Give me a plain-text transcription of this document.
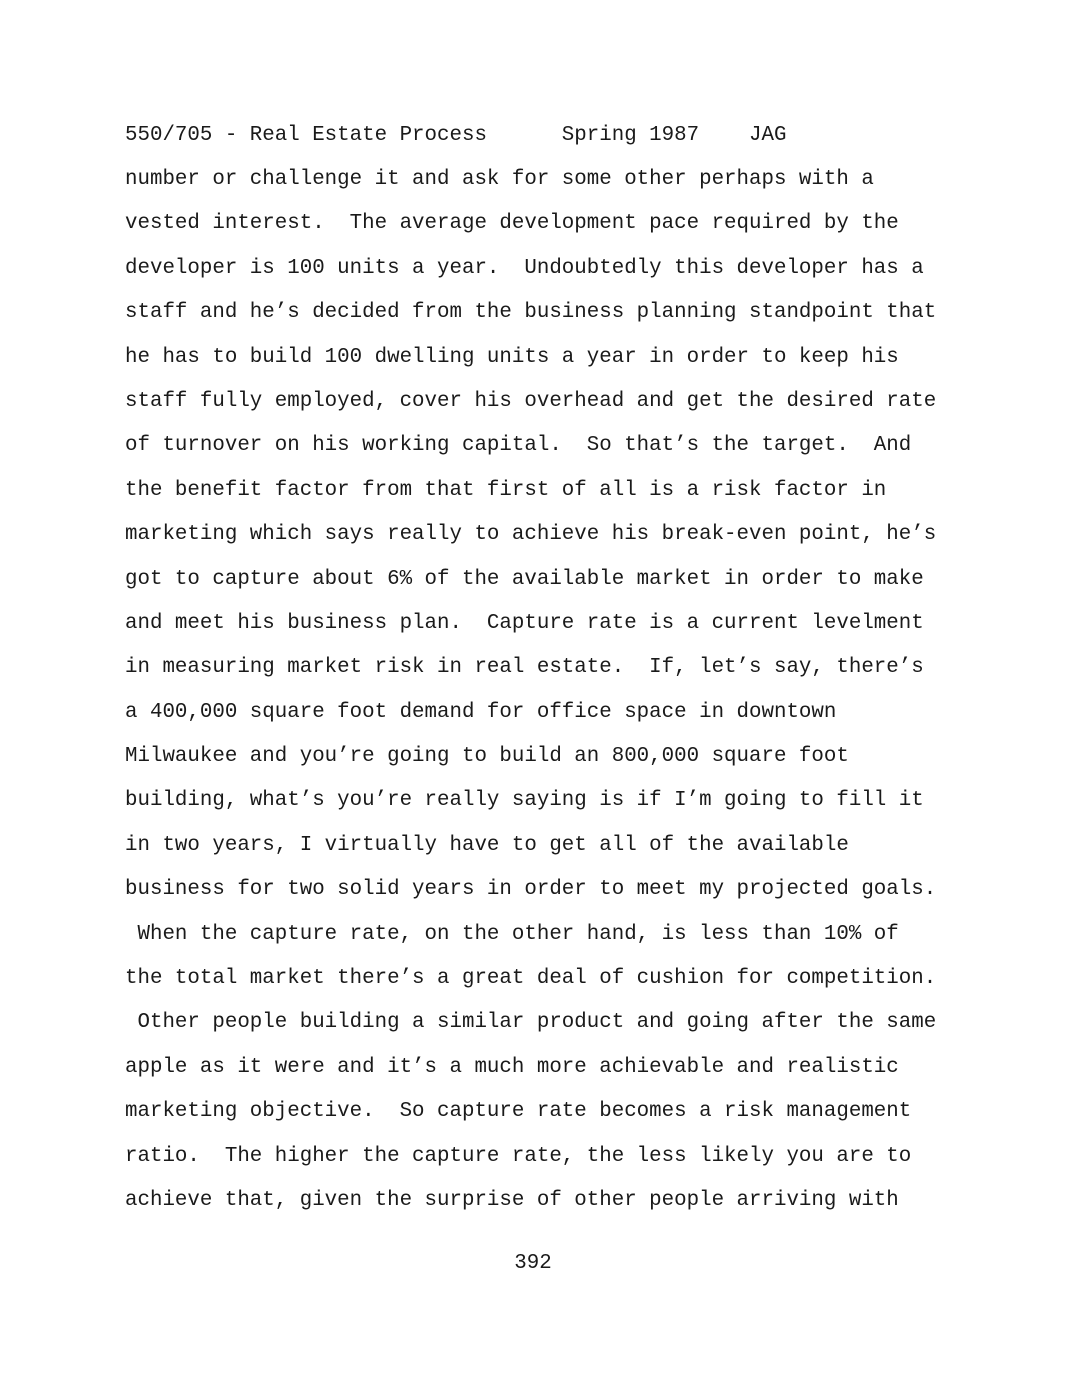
550/705 - Real Estate Process      Spring 1987    JAG
number or challenge it and ask for some other perhaps with a
vested interest.  The average development pace required by the
developer is 100 units a year.  Undoubtedly this developer has a
staff and he’s decided from the business planning standpoint that
he has to build 100 dwelling units a year in order to keep his
staff fully employed, cover his overhead and get the desired rate
of turnover on his working capital.  So that’s the target.  And
the benefit factor from that first of all is a risk factor in
marketing which says really to achieve his break-even point, he’s
got to capture about 6% of the available market in order to make
and meet his business plan.  Capture rate is a current levelment
in measuring market risk in real estate.  If, let’s say, there’s
a 400,000 square foot demand for office space in downtown
Milwaukee and you’re going to build an 800,000 square foot
building, what’s you’re really saying is if I’m going to fill it
in two years, I virtually have to get all of the available
business for two solid years in order to meet my projected goals.
When the capture rate, on the other hand, is less than 10% of
the total market there’s a great deal of cushion for competition.
Other people building a similar product and going after the same
apple as it were and it’s a much more achievable and realistic
marketing objective.  So capture rate becomes a risk management
ratio.  The higher the capture rate, the less likely you are to
achieve that, given the surprise of other people arriving with
392
